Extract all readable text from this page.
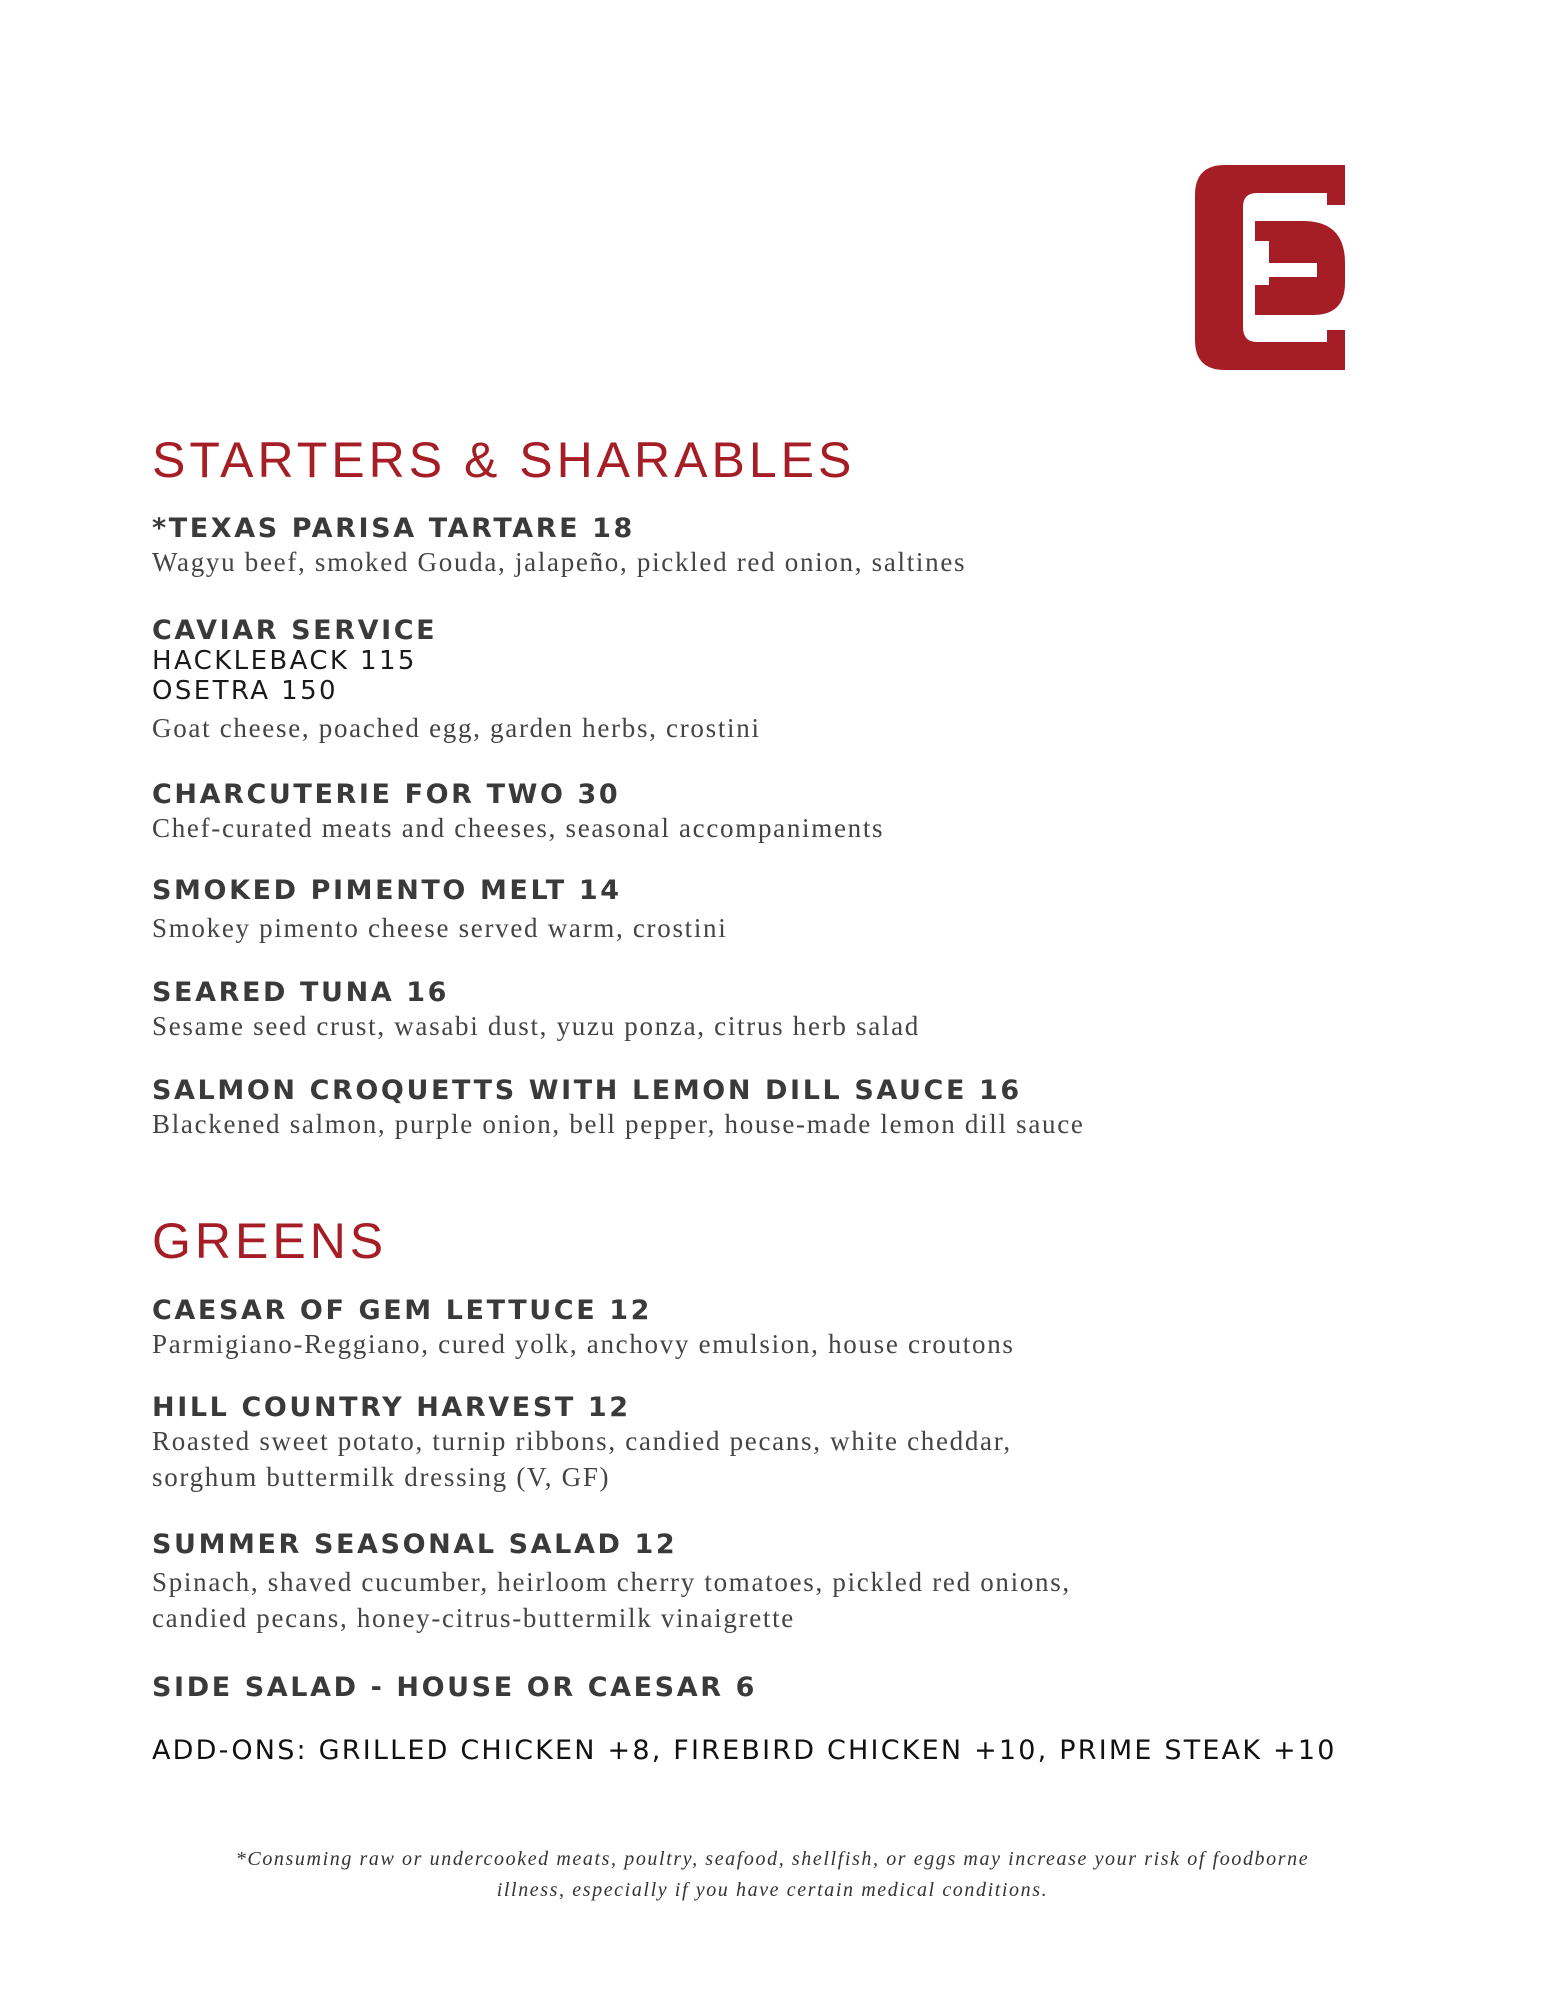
STARTERS & SHARABLES
*TEXAS PARISA TARTARE 18
Wagyu beef, smoked Gouda, jalapeño, pickled red onion, saltines
CAVIAR SERVICE
HACKLEBACK 115
OSETRA 150
Goat cheese, poached egg, garden herbs, crostini
CHARCUTERIE FOR TWO 30
Chef-curated meats and cheeses, seasonal accompaniments
SMOKED PIMENTO MELT 14
Smokey pimento cheese served warm, crostini
SEARED TUNA 16
Sesame seed crust, wasabi dust, yuzu ponza, citrus herb salad
SALMON CROQUETTS WITH LEMON DILL SAUCE 16
Blackened salmon, purple onion, bell pepper, house-made lemon dill sauce
GREENS
CAESAR OF GEM LETTUCE 12
Parmigiano-Reggiano, cured yolk, anchovy emulsion, house croutons
HILL COUNTRY HARVEST 12
Roasted sweet potato, turnip ribbons, candied pecans, white cheddar,
sorghum buttermilk dressing (V, GF)
SUMMER SEASONAL SALAD 12
Spinach, shaved cucumber, heirloom cherry tomatoes, pickled red onions,
candied pecans, honey-citrus-buttermilk vinaigrette
SIDE SALAD - HOUSE OR CAESAR 6
ADD-ONS: GRILLED CHICKEN +8, FIREBIRD CHICKEN +10, PRIME STEAK +10
*Consuming raw or undercooked meats, poultry, seafood, shellfish, or eggs may increase your risk of foodborne
illness, especially if you have certain medical conditions.
